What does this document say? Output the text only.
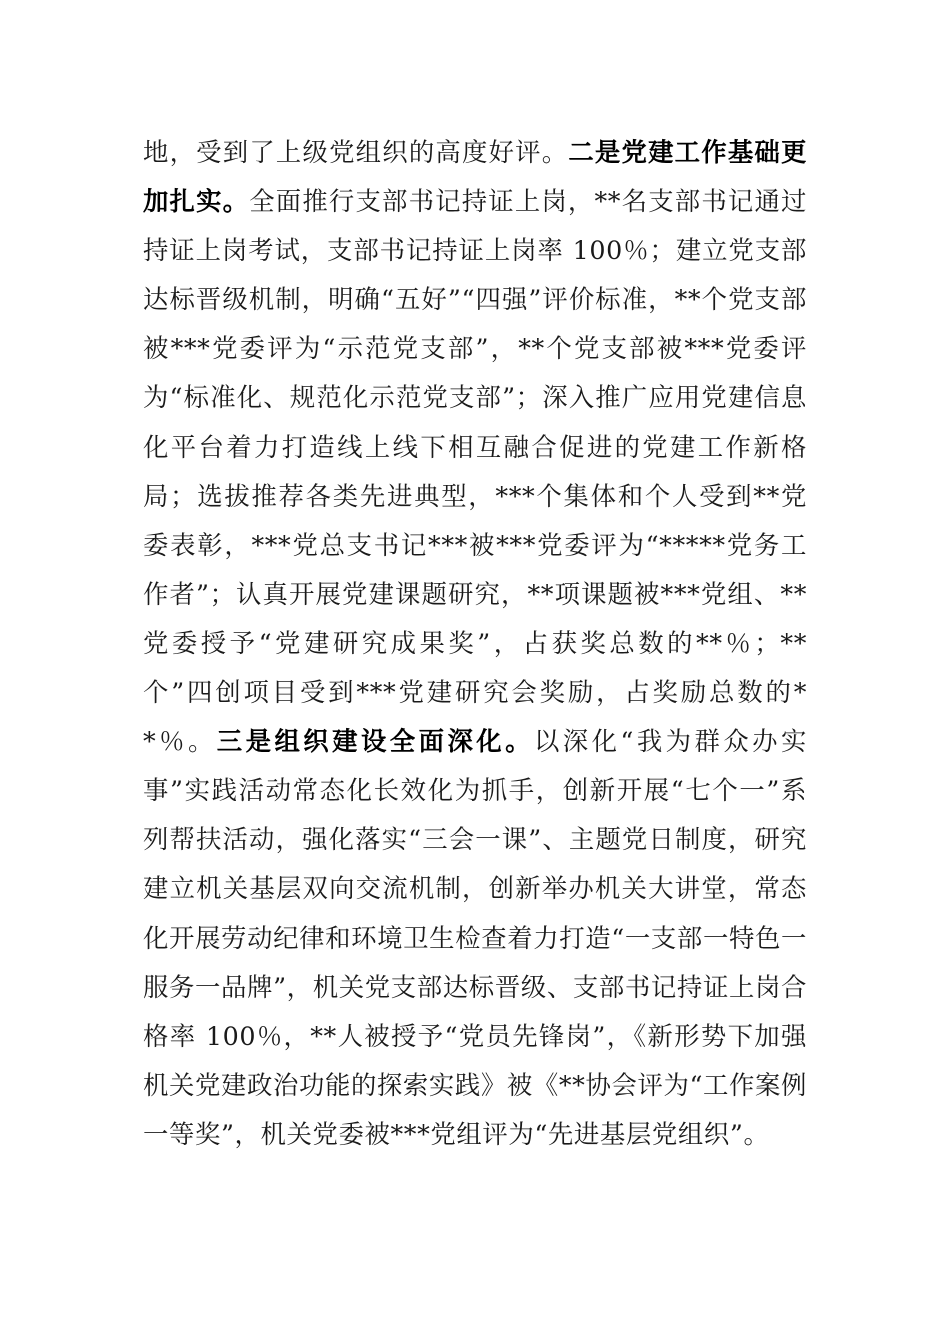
地，受到了上级党组织的高度好评。二是党建工作基础更加扎实。全面推行支部书记持证上岗，**名支部书记通过持证上岗考试，支部书记持证上岗率 100％；建立党支部达标晋级机制，明确“五好”“四强”评价标准，**个党支部被***党委评为“示范党支部”，**个党支部被***党委评为“标准化、规范化示范党支部”；深入推广应用党建信息化平台着力打造线上线下相互融合促进的党建工作新格局；选拔推荐各类先进典型，***个集体和个人受到**党委表彰，***党总支书记***被***党委评为“*****党务工作者”；认真开展党建课题研究，**项课题被***党组、**党委授予“党建研究成果奖”，占获奖总数的**％；**个”四创项目受到***党建研究会奖励，占奖励总数的**％。三是组织建设全面深化。以深化“我为群众办实事”实践活动常态化长效化为抓手，创新开展“七个一”系列帮扶活动，强化落实“三会一课”、主题党日制度，研究建立机关基层双向交流机制，创新举办机关大讲堂，常态化开展劳动纪律和环境卫生检查着力打造“一支部一特色一服务一品牌”，机关党支部达标晋级、支部书记持证上岗合格率 100％，**人被授予“党员先锋岗”，《新形势下加强机关党建政治功能的探索实践》被《**协会评为“工作案例一等奖”，机关党委被***党组评为“先进基层党组织”。
